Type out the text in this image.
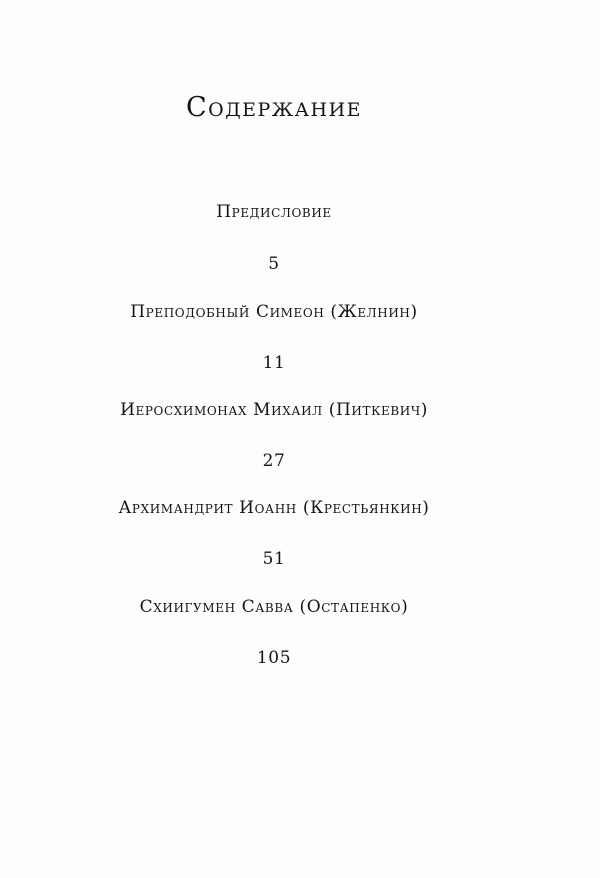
Содержание
Предисловие
5
Преподобный Симеон (Желнин)
11
Иеросхимонах Михаил (Питкевич)
27
Архимандрит Иоанн (Крестьянкин)
51
Схиигумен Савва (Остапенко)
105
